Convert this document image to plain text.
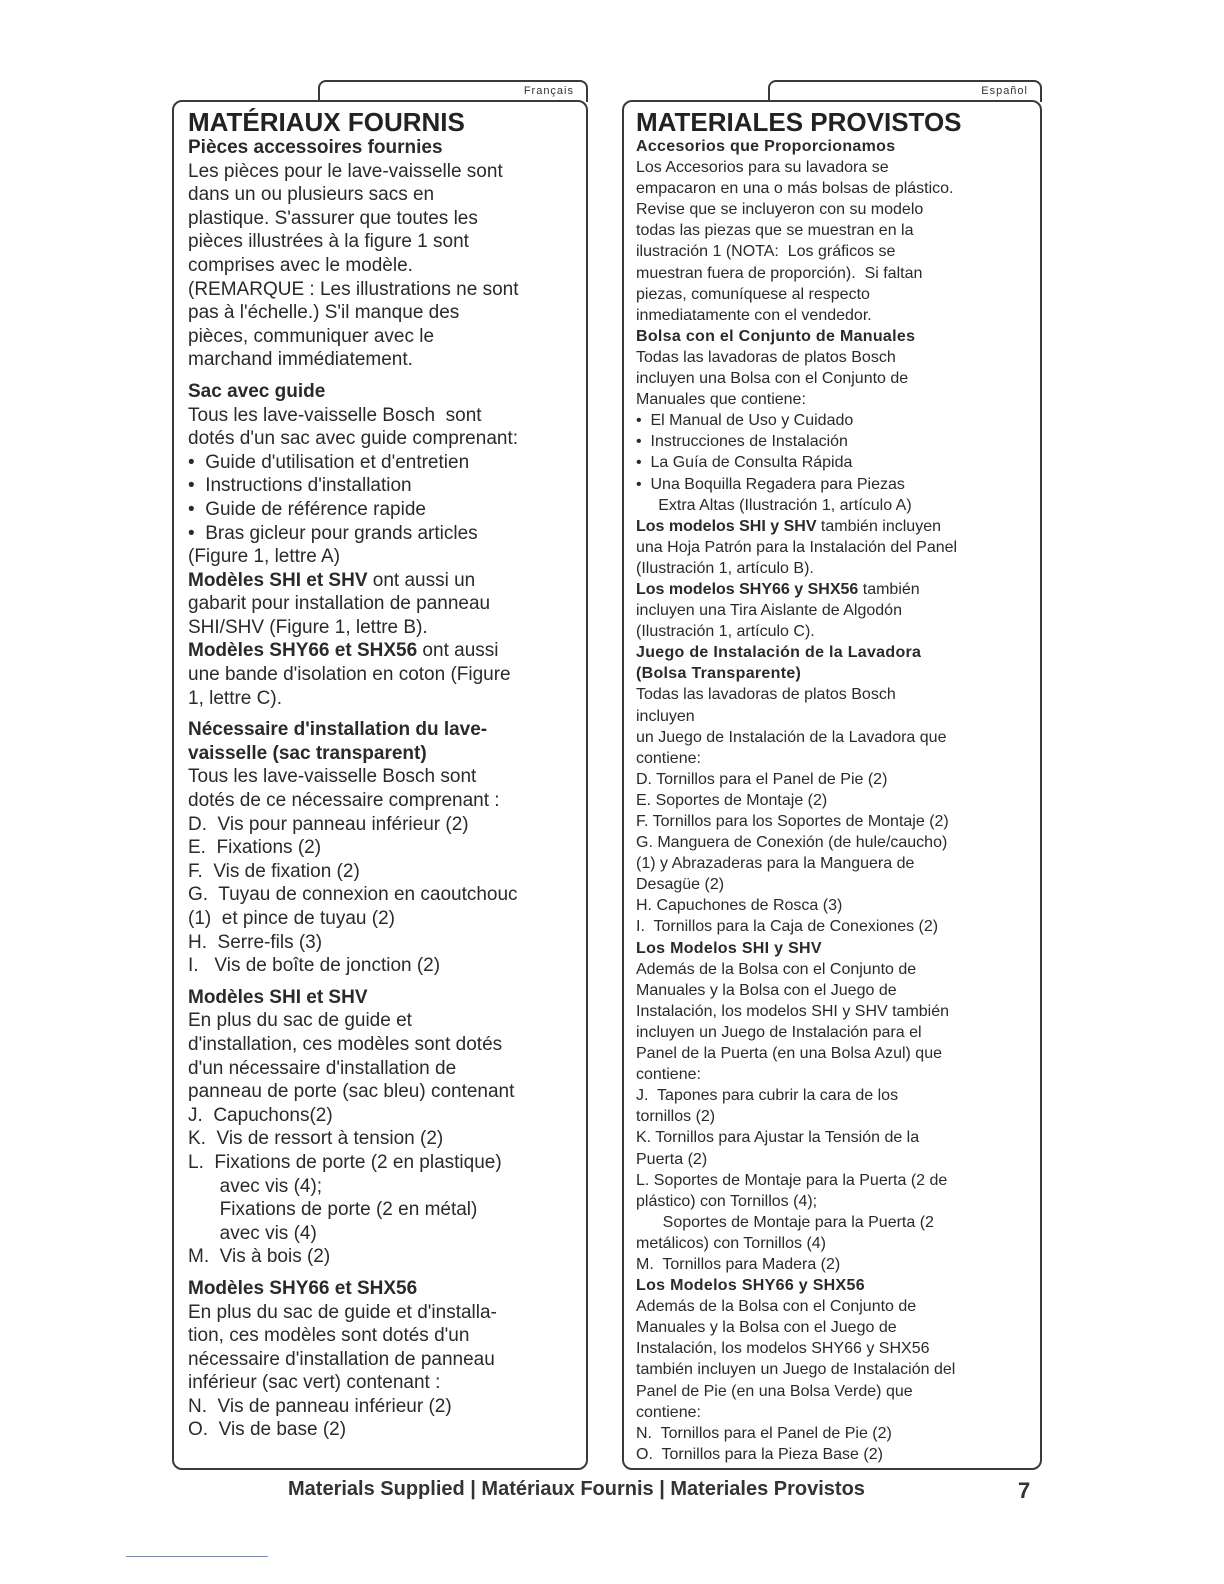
Français
MATÉRIAUX FOURNIS
Pièces accessoires fournies
Les pièces pour le lave-vaisselle sont
dans un ou plusieurs sacs en
plastique. S'assurer que toutes les
pièces illustrées à la figure 1 sont
comprises avec le modèle.
(REMARQUE : Les illustrations ne sont
pas à l'échelle.) S'il manque des
pièces, communiquer avec le
marchand immédiatement.
Sac avec guide
Tous les lave-vaisselle Bosch  sont
dotés d'un sac avec guide comprenant:
•  Guide d'utilisation et d'entretien
•  Instructions d'installation
•  Guide de référence rapide
•  Bras gicleur pour grands articles
(Figure 1, lettre A)
Modèles SHI et SHV ont aussi un
gabarit pour installation de panneau
SHI/SHV (Figure 1, lettre B).
Modèles SHY66 et SHX56 ont aussi
une bande d'isolation en coton (Figure
1, lettre C).
Nécessaire d'installation du lave-
vaisselle (sac transparent)
Tous les lave-vaisselle Bosch sont
dotés de ce nécessaire comprenant :
D.  Vis pour panneau inférieur (2)
E.  Fixations (2)
F.  Vis de fixation (2)
G.  Tuyau de connexion en caoutchouc
(1)  et pince de tuyau (2)
H.  Serre-fils (3)
I.   Vis de boîte de jonction (2)
Modèles SHI et SHV
En plus du sac de guide et
d'installation, ces modèles sont dotés
d'un nécessaire d'installation de
panneau de porte (sac bleu) contenant
J.  Capuchons(2)
K.  Vis de ressort à tension (2)
L.  Fixations de porte (2 en plastique)
avec vis (4);
Fixations de porte (2 en métal)
avec vis (4)
M.  Vis à bois (2)
Modèles SHY66 et SHX56
En plus du sac de guide et d'installa-
tion, ces modèles sont dotés d'un
nécessaire d'installation de panneau
inférieur (sac vert) contenant :
N.  Vis de panneau inférieur (2)
O.  Vis de base (2)
Español
MATERIALES PROVISTOS
Accesorios que Proporcionamos
Los Accesorios para su lavadora se
empacaron en una o más bolsas de plástico.
Revise que se incluyeron con su modelo
todas las piezas que se muestran en la
ilustración 1 (NOTA:  Los gráficos se
muestran fuera de proporción).  Si faltan
piezas, comuníquese al respecto
inmediatamente con el vendedor.
Bolsa con el Conjunto de Manuales
Todas las lavadoras de platos Bosch
incluyen una Bolsa con el Conjunto de
Manuales que contiene:
•  El Manual de Uso y Cuidado
•  Instrucciones de Instalación
•  La Guía de Consulta Rápida
•  Una Boquilla Regadera para Piezas
Extra Altas (Ilustración 1, artículo A)
Los modelos SHI y SHV también incluyen
una Hoja Patrón para la Instalación del Panel
(Ilustración 1, artículo B).
Los modelos SHY66 y SHX56 también
incluyen una Tira Aislante de Algodón
(Ilustración 1, artículo C).
Juego de Instalación de la Lavadora
(Bolsa Transparente)
Todas las lavadoras de platos Bosch
incluyen
un Juego de Instalación de la Lavadora que
contiene:
D. Tornillos para el Panel de Pie (2)
E. Soportes de Montaje (2)
F. Tornillos para los Soportes de Montaje (2)
G. Manguera de Conexión (de hule/caucho)
(1) y Abrazaderas para la Manguera de
Desagüe (2)
H. Capuchones de Rosca (3)
I.  Tornillos para la Caja de Conexiones (2)
Los Modelos SHI y SHV
Además de la Bolsa con el Conjunto de
Manuales y la Bolsa con el Juego de
Instalación, los modelos SHI y SHV también
incluyen un Juego de Instalación para el
Panel de la Puerta (en una Bolsa Azul) que
contiene:
J.  Tapones para cubrir la cara de los
tornillos (2)
K. Tornillos para Ajustar la Tensión de la
Puerta (2)
L. Soportes de Montaje para la Puerta (2 de
plástico) con Tornillos (4);
Soportes de Montaje para la Puerta (2
metálicos) con Tornillos (4)
M.  Tornillos para Madera (2)
Los Modelos SHY66 y SHX56
Además de la Bolsa con el Conjunto de
Manuales y la Bolsa con el Juego de
Instalación, los modelos SHY66 y SHX56
también incluyen un Juego de Instalación del
Panel de Pie (en una Bolsa Verde) que
contiene:
N.  Tornillos para el Panel de Pie (2)
O.  Tornillos para la Pieza Base (2)
Materials Supplied | Matériaux Fournis | Materiales Provistos	7
